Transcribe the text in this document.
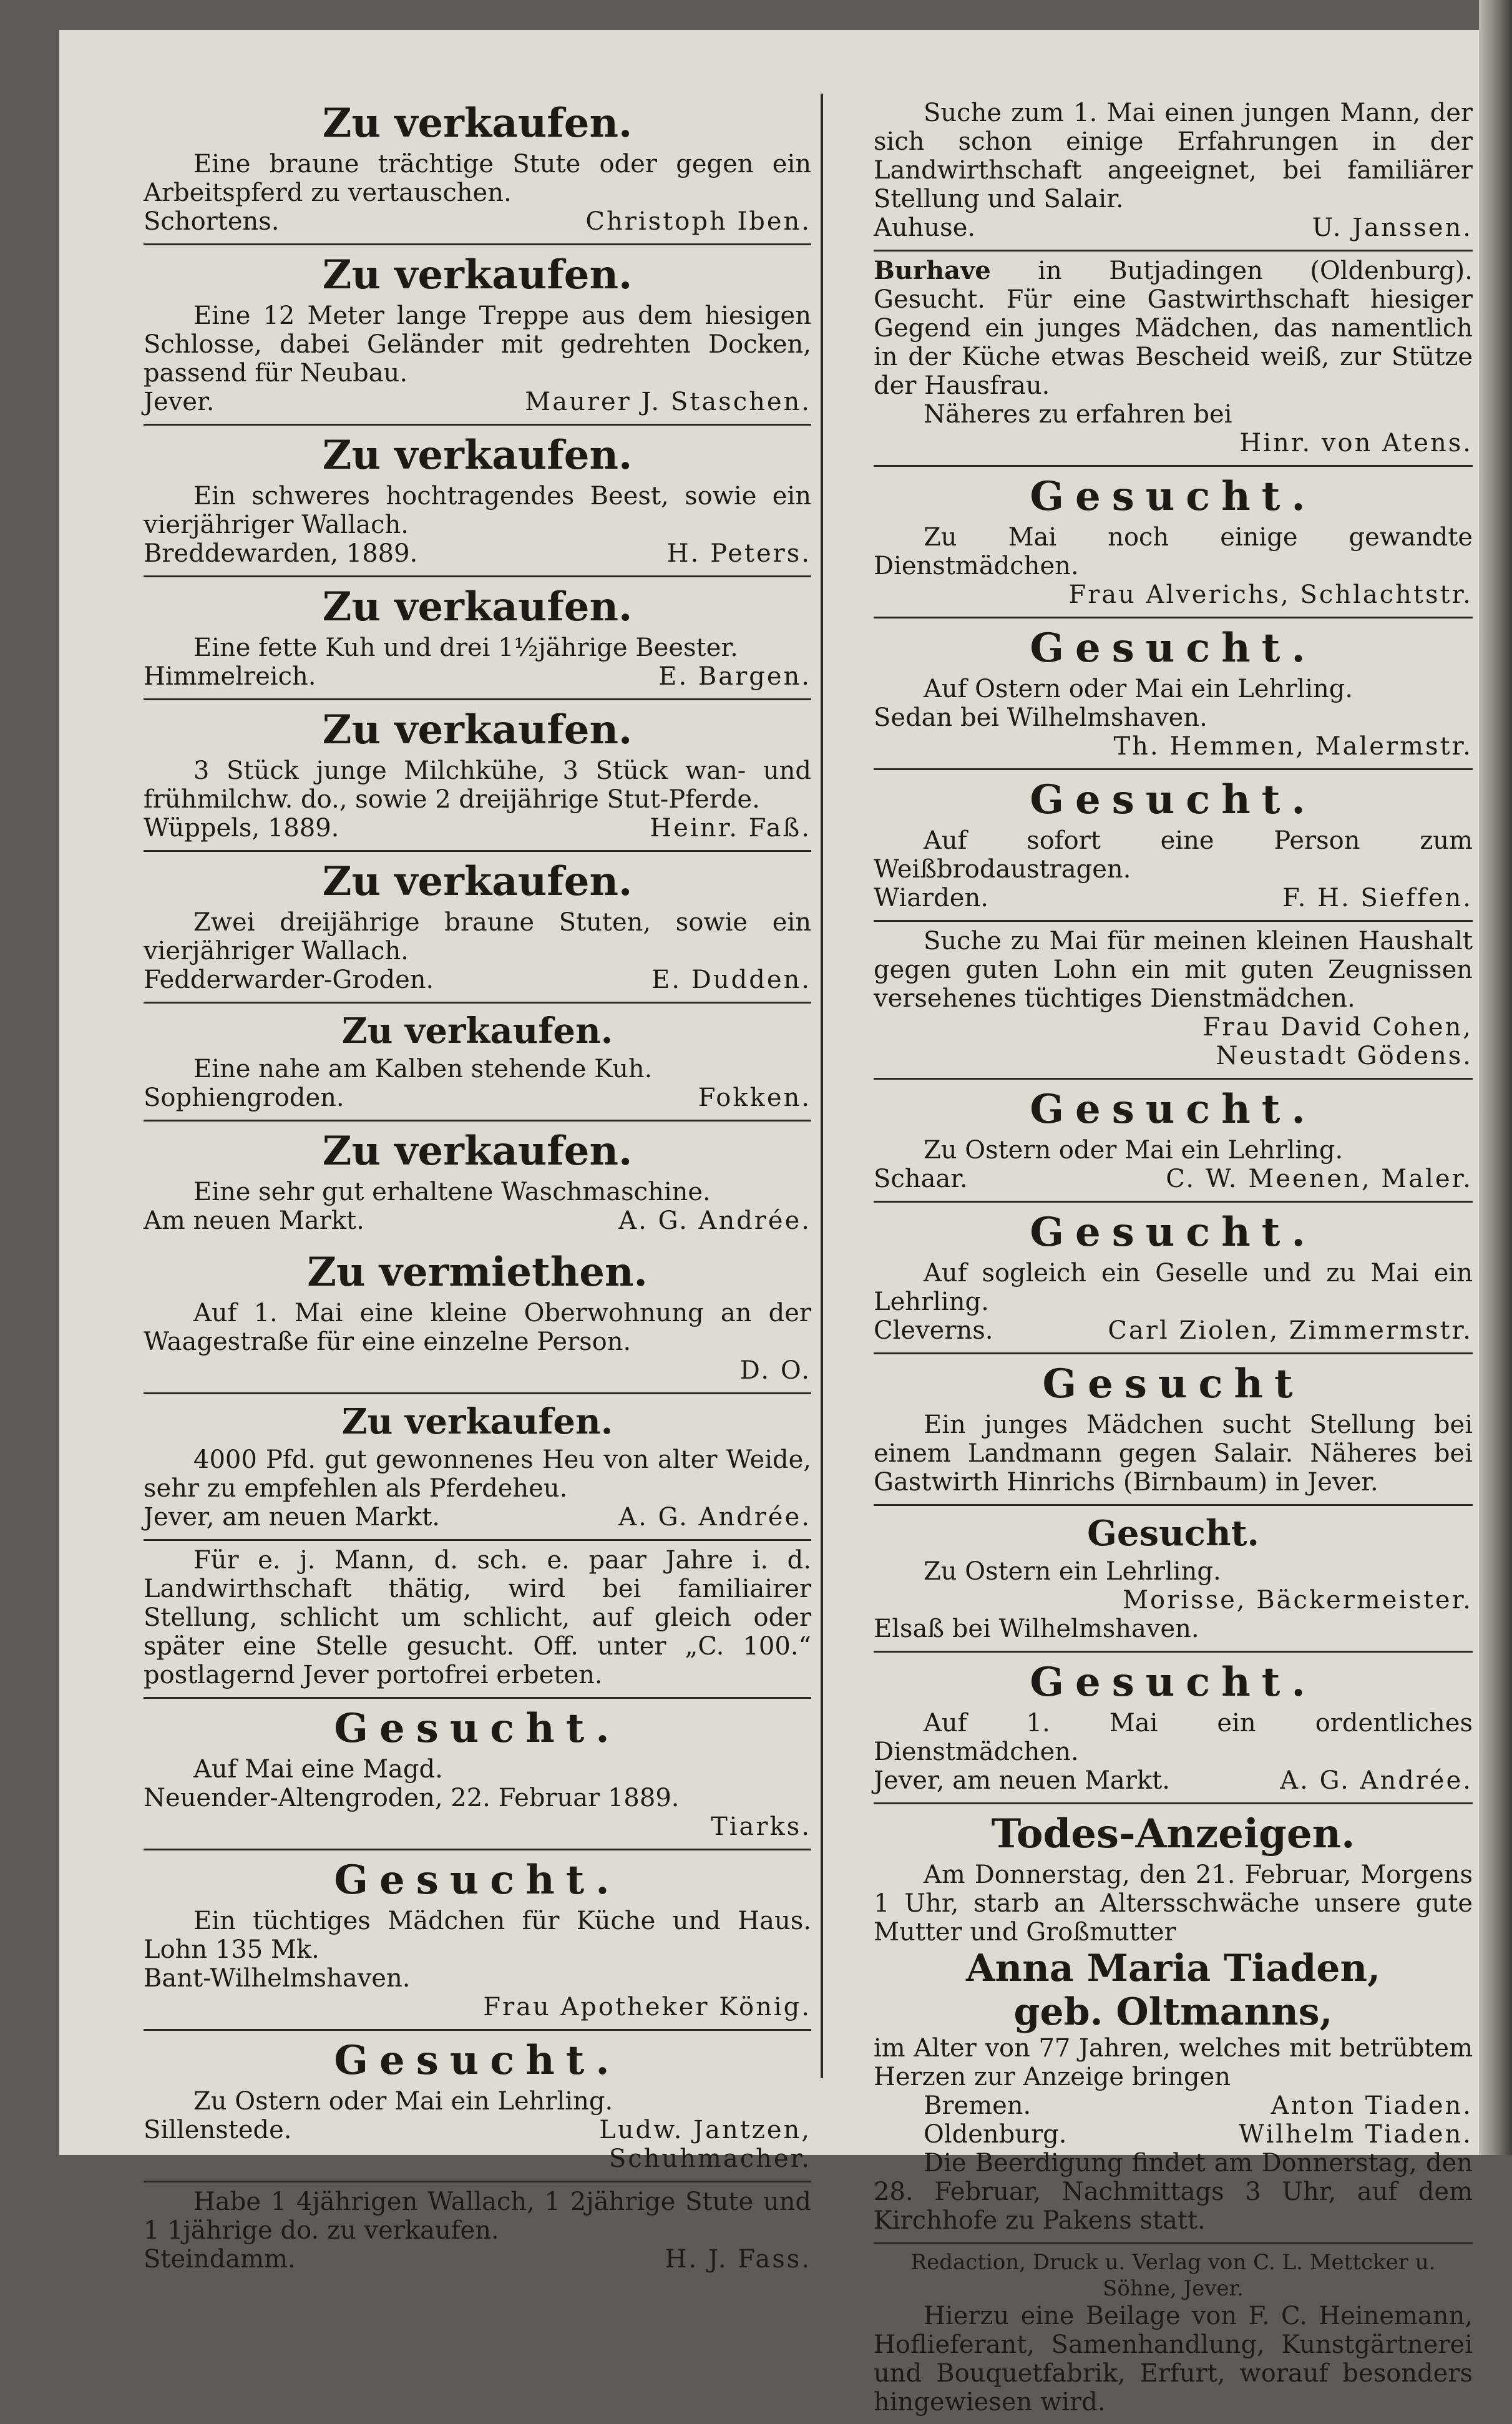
Zu verkaufen.

Eine braune trächtige Stute oder gegen ein Arbeitspferd zu vertauschen.

Schortens.	Christoph Iben.
Zu verkaufen.

Eine 12 Meter lange Treppe aus dem hiesigen Schlosse, dabei Geländer mit gedrehten Docken, passend für Neubau.

Jever.	Maurer J. Staschen.
Zu verkaufen.

Ein schweres hochtragendes Beest, sowie ein vierjähriger Wallach.

Breddewarden, 1889.	H. Peters.
Zu verkaufen.

Eine fette Kuh und drei 1½jährige Beester.

Himmelreich.	E. Bargen.
Zu verkaufen.

3 Stück junge Milchkühe, 3 Stück wan- und frühmilchw. do., sowie 2 dreijährige Stut-Pferde.

Wüppels, 1889.	Heinr. Faß.
Zu verkaufen.

Zwei dreijährige braune Stuten, sowie ein vierjähriger Wallach.

Fedderwarder-Groden.	E. Dudden.
Zu verkaufen.

Eine nahe am Kalben stehende Kuh.

Sophiengroden.	Fokken.
Zu verkaufen.

Eine sehr gut erhaltene Waschmaschine.

Am neuen Markt.	A. G. Andrée.
Zu vermiethen.

Auf 1. Mai eine kleine Oberwohnung an der Waagestraße für eine einzelne Person.

D. O.
Zu verkaufen.

4000 Pfd. gut gewonnenes Heu von alter Weide, sehr zu empfehlen als Pferdeheu.

Jever, am neuen Markt.	A. G. Andrée.

Für e. j. Mann, d. sch. e. paar Jahre i. d. Landwirthschaft thätig, wird bei familiairer Stellung, schlicht um schlicht, auf gleich oder später eine Stelle gesucht. Off. unter „C. 100.“ postlagernd Jever portofrei erbeten.

Gesucht.

Auf Mai eine Magd.

Neuender-Altengroden, 22. Februar 1889.

Tiarks.
Gesucht.

Ein tüchtiges Mädchen für Küche und Haus. Lohn 135 Mk.

Bant-Wilhelmshaven.

Frau Apotheker König.
Gesucht.

Zu Ostern oder Mai ein Lehrling.

Sillenstede.	Ludw. Jantzen,
Schuhmacher.

Habe 1 4jährigen Wallach, 1 2jährige Stute und 1 1jährige do. zu verkaufen.

Steindamm.	H. J. Fass.

Suche zum 1. Mai einen jungen Mann, der sich schon einige Erfahrungen in der Landwirthschaft angeeignet, bei familiärer Stellung und Salair.

Auhuse.	U. Janssen.

Burhave in Butjadingen (Oldenburg). Gesucht. Für eine Gastwirthschaft hiesiger Gegend ein junges Mädchen, das namentlich in der Küche etwas Bescheid weiß, zur Stütze der Hausfrau.

Näheres zu erfahren bei

Hinr. von Atens.
Gesucht.

Zu Mai noch einige gewandte Dienstmädchen.

Frau Alverichs, Schlachtstr.
Gesucht.

Auf Ostern oder Mai ein Lehrling.

Sedan bei Wilhelmshaven.

Th. Hemmen, Malermstr.
Gesucht.

Auf sofort eine Person zum Weißbrodaustragen.

Wiarden.	F. H. Sieffen.

Suche zu Mai für meinen kleinen Haushalt gegen guten Lohn ein mit guten Zeugnissen versehenes tüchtiges Dienstmädchen.

Frau David Cohen,
Neustadt Gödens.
Gesucht.

Zu Ostern oder Mai ein Lehrling.

Schaar.	C. W. Meenen, Maler.
Gesucht.

Auf sogleich ein Geselle und zu Mai ein Lehrling.

Cleverns.	Carl Ziolen, Zimmermstr.
Gesucht

Ein junges Mädchen sucht Stellung bei einem Landmann gegen Salair. Näheres bei Gastwirth Hinrichs (Birnbaum) in Jever.

Gesucht.

Zu Ostern ein Lehrling.

Morisse, Bäckermeister.

Elsaß bei Wilhelmshaven.

Gesucht.

Auf 1. Mai ein ordentliches Dienstmädchen.

Jever, am neuen Markt.	A. G. Andrée.
Todes-Anzeigen.

Am Donnerstag, den 21. Februar, Morgens 1 Uhr, starb an Altersschwäche unsere gute Mutter und Großmutter

Anna Maria Tiaden,
geb. Oltmanns,

im Alter von 77 Jahren, welches mit betrübtem Herzen zur Anzeige bringen

Bremen.	Anton Tiaden.
Oldenburg.	Wilhelm Tiaden.

Die Beerdigung findet am Donnerstag, den 28. Februar, Nachmittags 3 Uhr, auf dem Kirchhofe zu Pakens statt.

Redaction, Druck u. Verlag von C. L. Mettcker u. Söhne, Jever.

Hierzu eine Beilage von F. C. Heinemann, Hoflieferant, Samenhandlung, Kunstgärtnerei und Bouquetfabrik, Erfurt, worauf besonders hingewiesen wird.
